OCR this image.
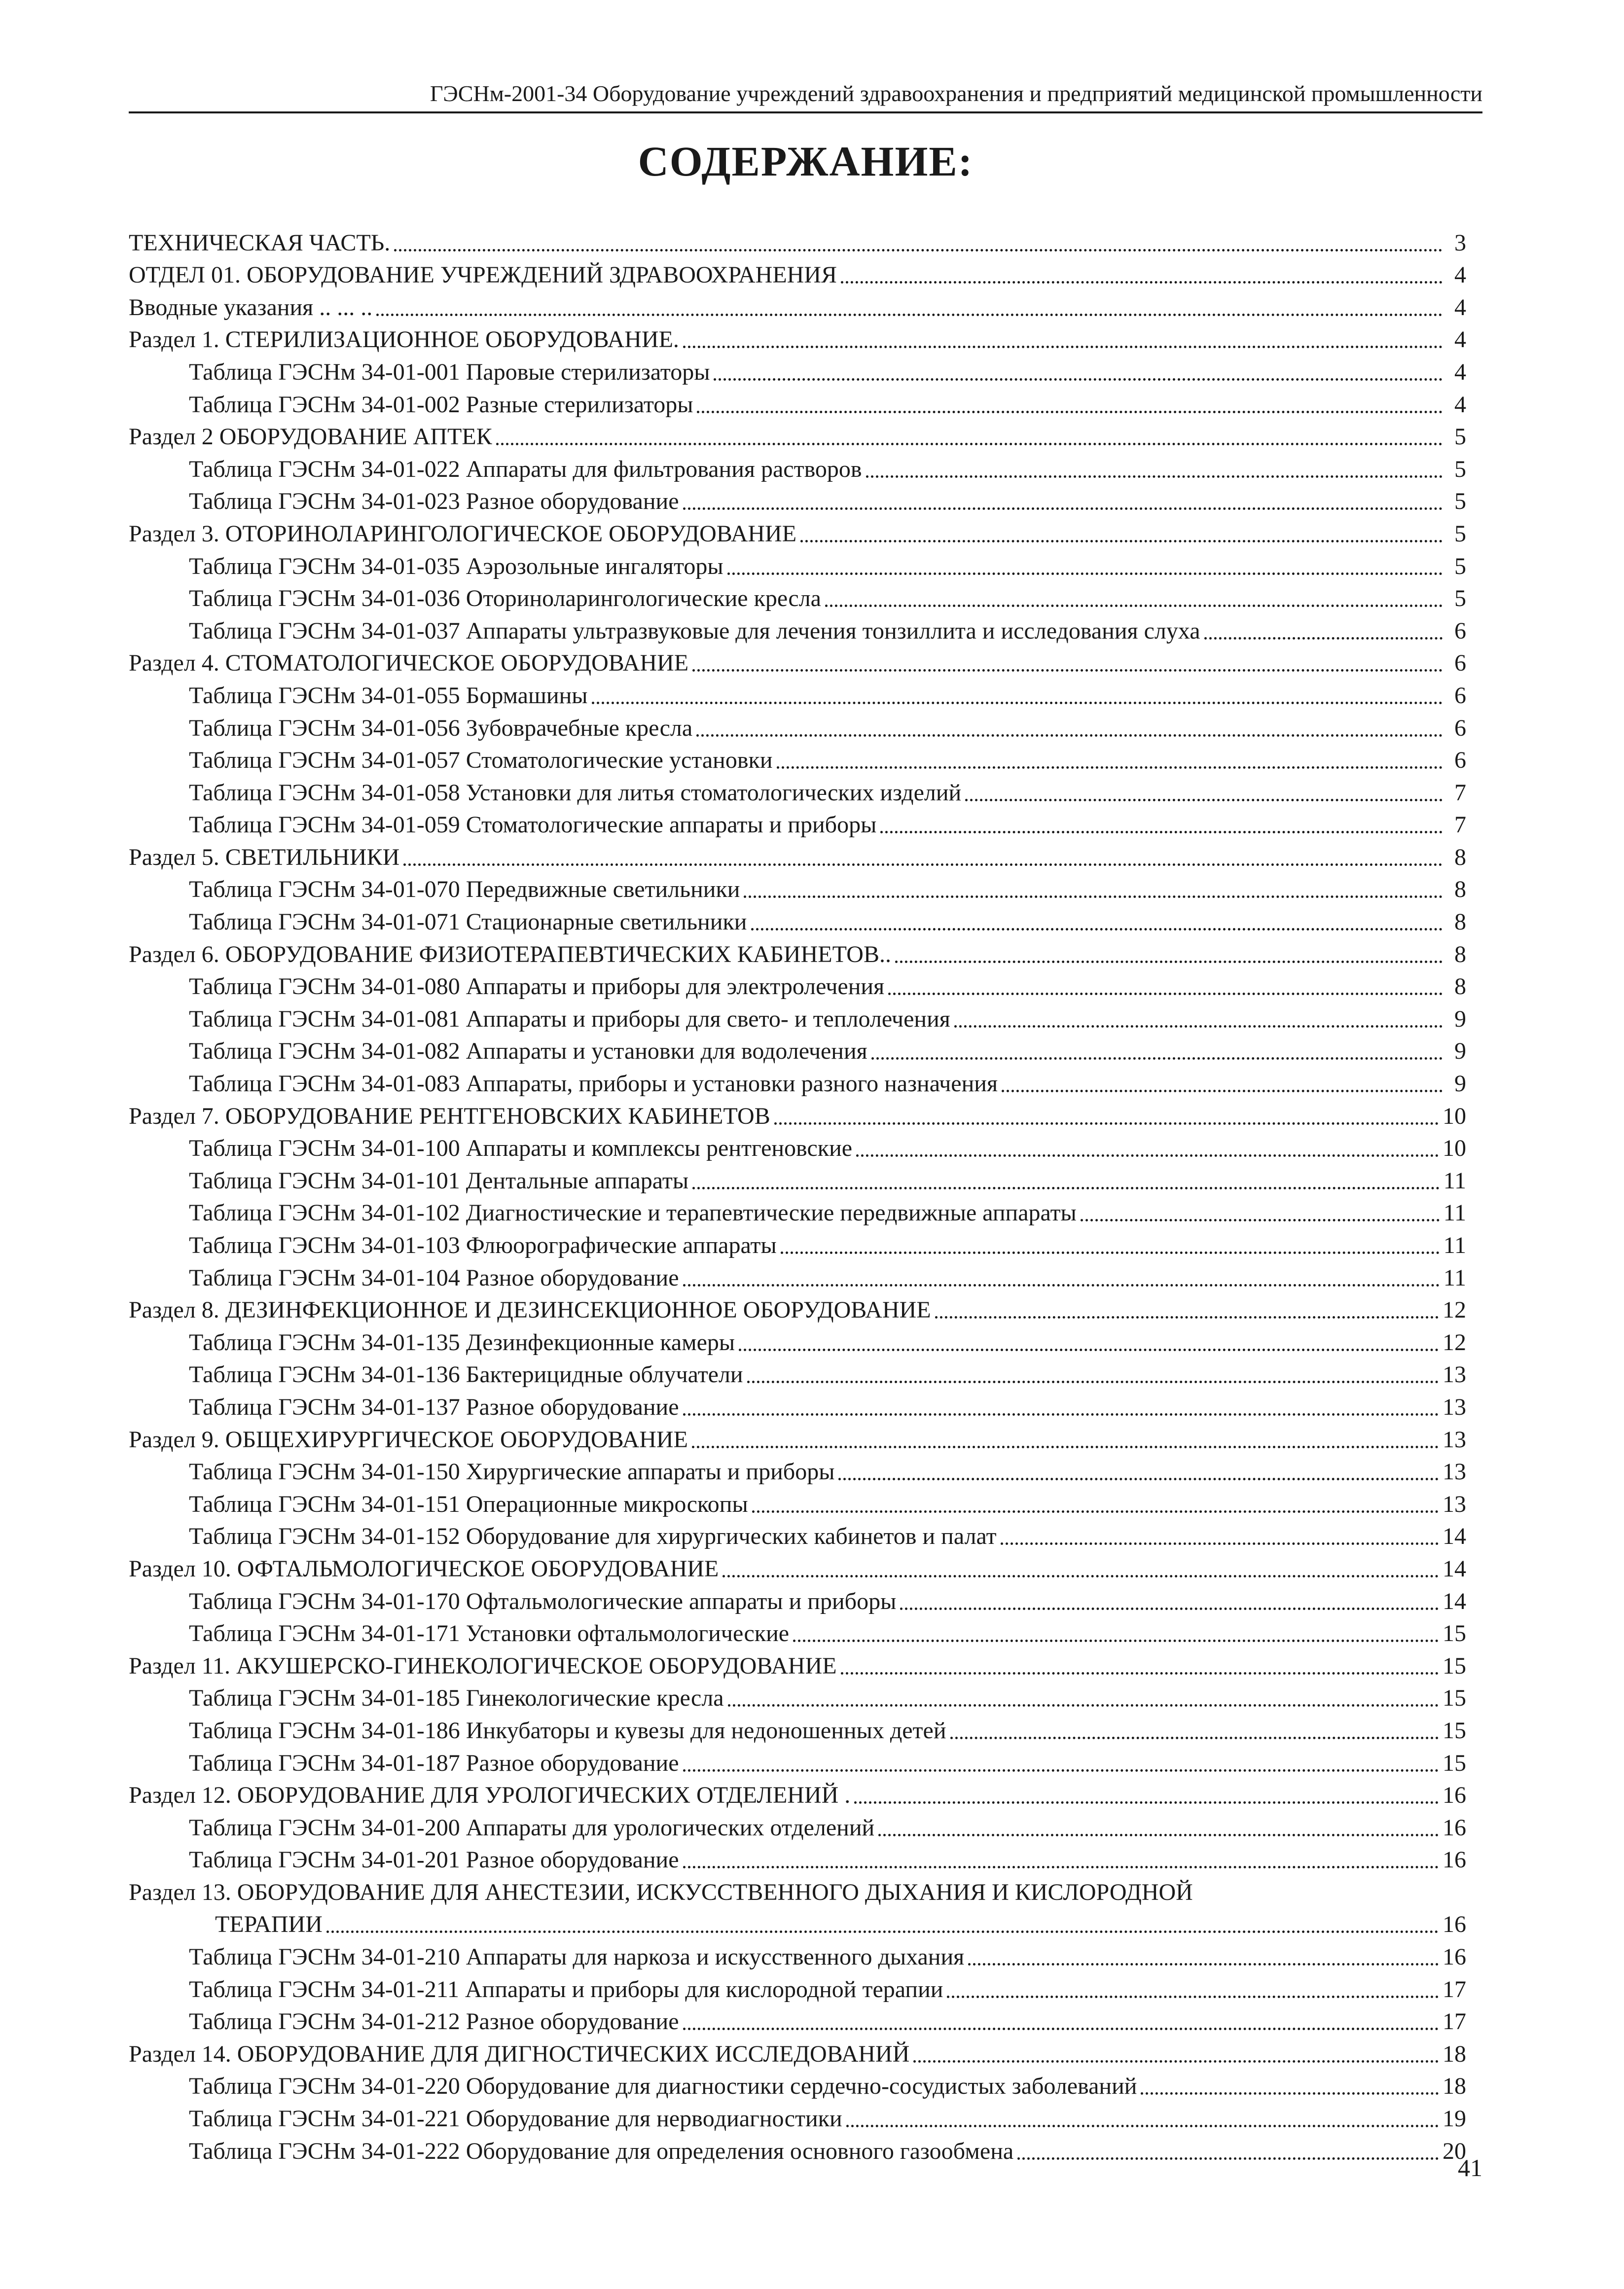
ГЭСНм-2001-34 Оборудование учреждений здравоохранения и предприятий медицинской промышленности
СОДЕРЖАНИЕ:
ТЕХНИЧЕСКАЯ ЧАСТЬ.	3
ОТДЕЛ 01. ОБОРУДОВАНИЕ УЧРЕЖДЕНИЙ ЗДРАВООХРАНЕНИЯ	4
Вводные указания .. ... ..	4
Раздел 1. СТЕРИЛИЗАЦИОННОЕ ОБОРУДОВАНИЕ.	4
Таблица ГЭСНм 34-01-001 Паровые стерилизаторы	4
Таблица ГЭСНм 34-01-002 Разные стерилизаторы	4
Раздел 2 ОБОРУДОВАНИЕ АПТЕК	5
Таблица ГЭСНм 34-01-022 Аппараты для фильтрования растворов	5
Таблица ГЭСНм 34-01-023 Разное оборудование	5
Раздел 3. ОТОРИНОЛАРИНГОЛОГИЧЕСКОЕ ОБОРУДОВАНИЕ	5
Таблица ГЭСНм 34-01-035 Аэрозольные ингаляторы	5
Таблица ГЭСНм 34-01-036 Оториноларингологические кресла	5
Таблица ГЭСНм 34-01-037 Аппараты ультразвуковые для лечения тонзиллита и исследования слуха	6
Раздел 4. СТОМАТОЛОГИЧЕСКОЕ ОБОРУДОВАНИЕ	6
Таблица ГЭСНм 34-01-055 Бормашины	6
Таблица ГЭСНм 34-01-056 Зубоврачебные кресла	6
Таблица ГЭСНм 34-01-057 Стоматологические установки	6
Таблица ГЭСНм 34-01-058 Установки для литья стоматологических изделий	7
Таблица ГЭСНм 34-01-059 Стоматологические аппараты и приборы	7
Раздел 5. СВЕТИЛЬНИКИ	8
Таблица ГЭСНм 34-01-070 Передвижные светильники	8
Таблица ГЭСНм 34-01-071 Стационарные светильники	8
Раздел 6. ОБОРУДОВАНИЕ ФИЗИОТЕРАПЕВТИЧЕСКИХ КАБИНЕТОВ..	8
Таблица ГЭСНм 34-01-080 Аппараты и приборы для электролечения	8
Таблица ГЭСНм 34-01-081 Аппараты и приборы для свето- и теплолечения	9
Таблица ГЭСНм 34-01-082 Аппараты и установки для водолечения	9
Таблица ГЭСНм 34-01-083 Аппараты, приборы и установки разного назначения	9
Раздел 7. ОБОРУДОВАНИЕ РЕНТГЕНОВСКИХ КАБИНЕТОВ	10
Таблица ГЭСНм 34-01-100 Аппараты и комплексы рентгеновские	10
Таблица ГЭСНм 34-01-101 Дентальные аппараты	11
Таблица ГЭСНм 34-01-102 Диагностические и терапевтические передвижные аппараты	11
Таблица ГЭСНм 34-01-103 Флюорографические аппараты	11
Таблица ГЭСНм 34-01-104 Разное оборудование	11
Раздел 8. ДЕЗИНФЕКЦИОННОЕ И ДЕЗИНСЕКЦИОННОЕ ОБОРУДОВАНИЕ	12
Таблица ГЭСНм 34-01-135 Дезинфекционные камеры	12
Таблица ГЭСНм 34-01-136 Бактерицидные облучатели	13
Таблица ГЭСНм 34-01-137 Разное оборудование	13
Раздел 9. ОБЩЕХИРУРГИЧЕСКОЕ ОБОРУДОВАНИЕ	13
Таблица ГЭСНм 34-01-150 Хирургические аппараты и приборы	13
Таблица ГЭСНм 34-01-151 Операционные микроскопы	13
Таблица ГЭСНм 34-01-152 Оборудование для хирургических кабинетов и палат	14
Раздел 10. ОФТАЛЬМОЛОГИЧЕСКОЕ ОБОРУДОВАНИЕ	14
Таблица ГЭСНм 34-01-170 Офтальмологические аппараты и приборы	14
Таблица ГЭСНм 34-01-171 Установки офтальмологические	15
Раздел 11. АКУШЕРСКО-ГИНЕКОЛОГИЧЕСКОЕ ОБОРУДОВАНИЕ	15
Таблица ГЭСНм 34-01-185 Гинекологические кресла	15
Таблица ГЭСНм 34-01-186 Инкубаторы и кувезы для недоношенных детей	15
Таблица ГЭСНм 34-01-187 Разное оборудование	15
Раздел 12. ОБОРУДОВАНИЕ ДЛЯ УРОЛОГИЧЕСКИХ ОТДЕЛЕНИЙ .	16
Таблица ГЭСНм 34-01-200 Аппараты для урологических отделений	16
Таблица ГЭСНм 34-01-201 Разное оборудование	16
Раздел 13. ОБОРУДОВАНИЕ ДЛЯ АНЕСТЕЗИИ, ИСКУССТВЕННОГО ДЫХАНИЯ И КИСЛОРОДНОЙ
ТЕРАПИИ	16
Таблица ГЭСНм 34-01-210 Аппараты для наркоза и искусственного дыхания	16
Таблица ГЭСНм 34-01-211 Аппараты и приборы для кислородной терапии	17
Таблица ГЭСНм 34-01-212 Разное оборудование	17
Раздел 14. ОБОРУДОВАНИЕ ДЛЯ ДИГНОСТИЧЕСКИХ ИССЛЕДОВАНИЙ	18
Таблица ГЭСНм 34-01-220 Оборудование для диагностики сердечно-сосудистых заболеваний	18
Таблица ГЭСНм 34-01-221 Оборудование для нервoдиагностики	19
Таблица ГЭСНм 34-01-222 Оборудование для определения основного газообмена	20
41
